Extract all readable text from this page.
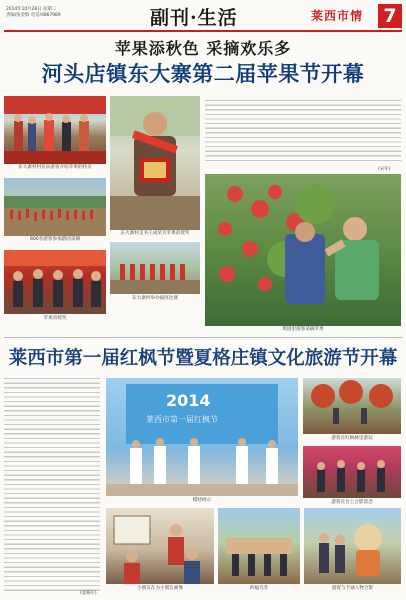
2014年10月28日 星期二
责编/张金辉 电话/4867989	副刊·生活	莱西市情 7
苹果添秋色 采摘欢乐多
河头店镇东大寨第二届苹果节开幕
东大寨村村民向游客介绍苹果的特点
东大寨村支书王成荣为苹果帝授奖
(宋军)
600名游客参加游园采摘
果园里游客采摘苹果
东大寨村举办拔河比赛
苹果帝授奖
莱西市第一届红枫节暨夏格庄镇文化旅游节开幕
(夏格庄)
2014
莱西市第一届红枫节
模特展示
游客在红枫林里游玩
游客在台上合影留念
小朋友在为小朋友画像	祈福乌冬	游客与卡通人物合影
